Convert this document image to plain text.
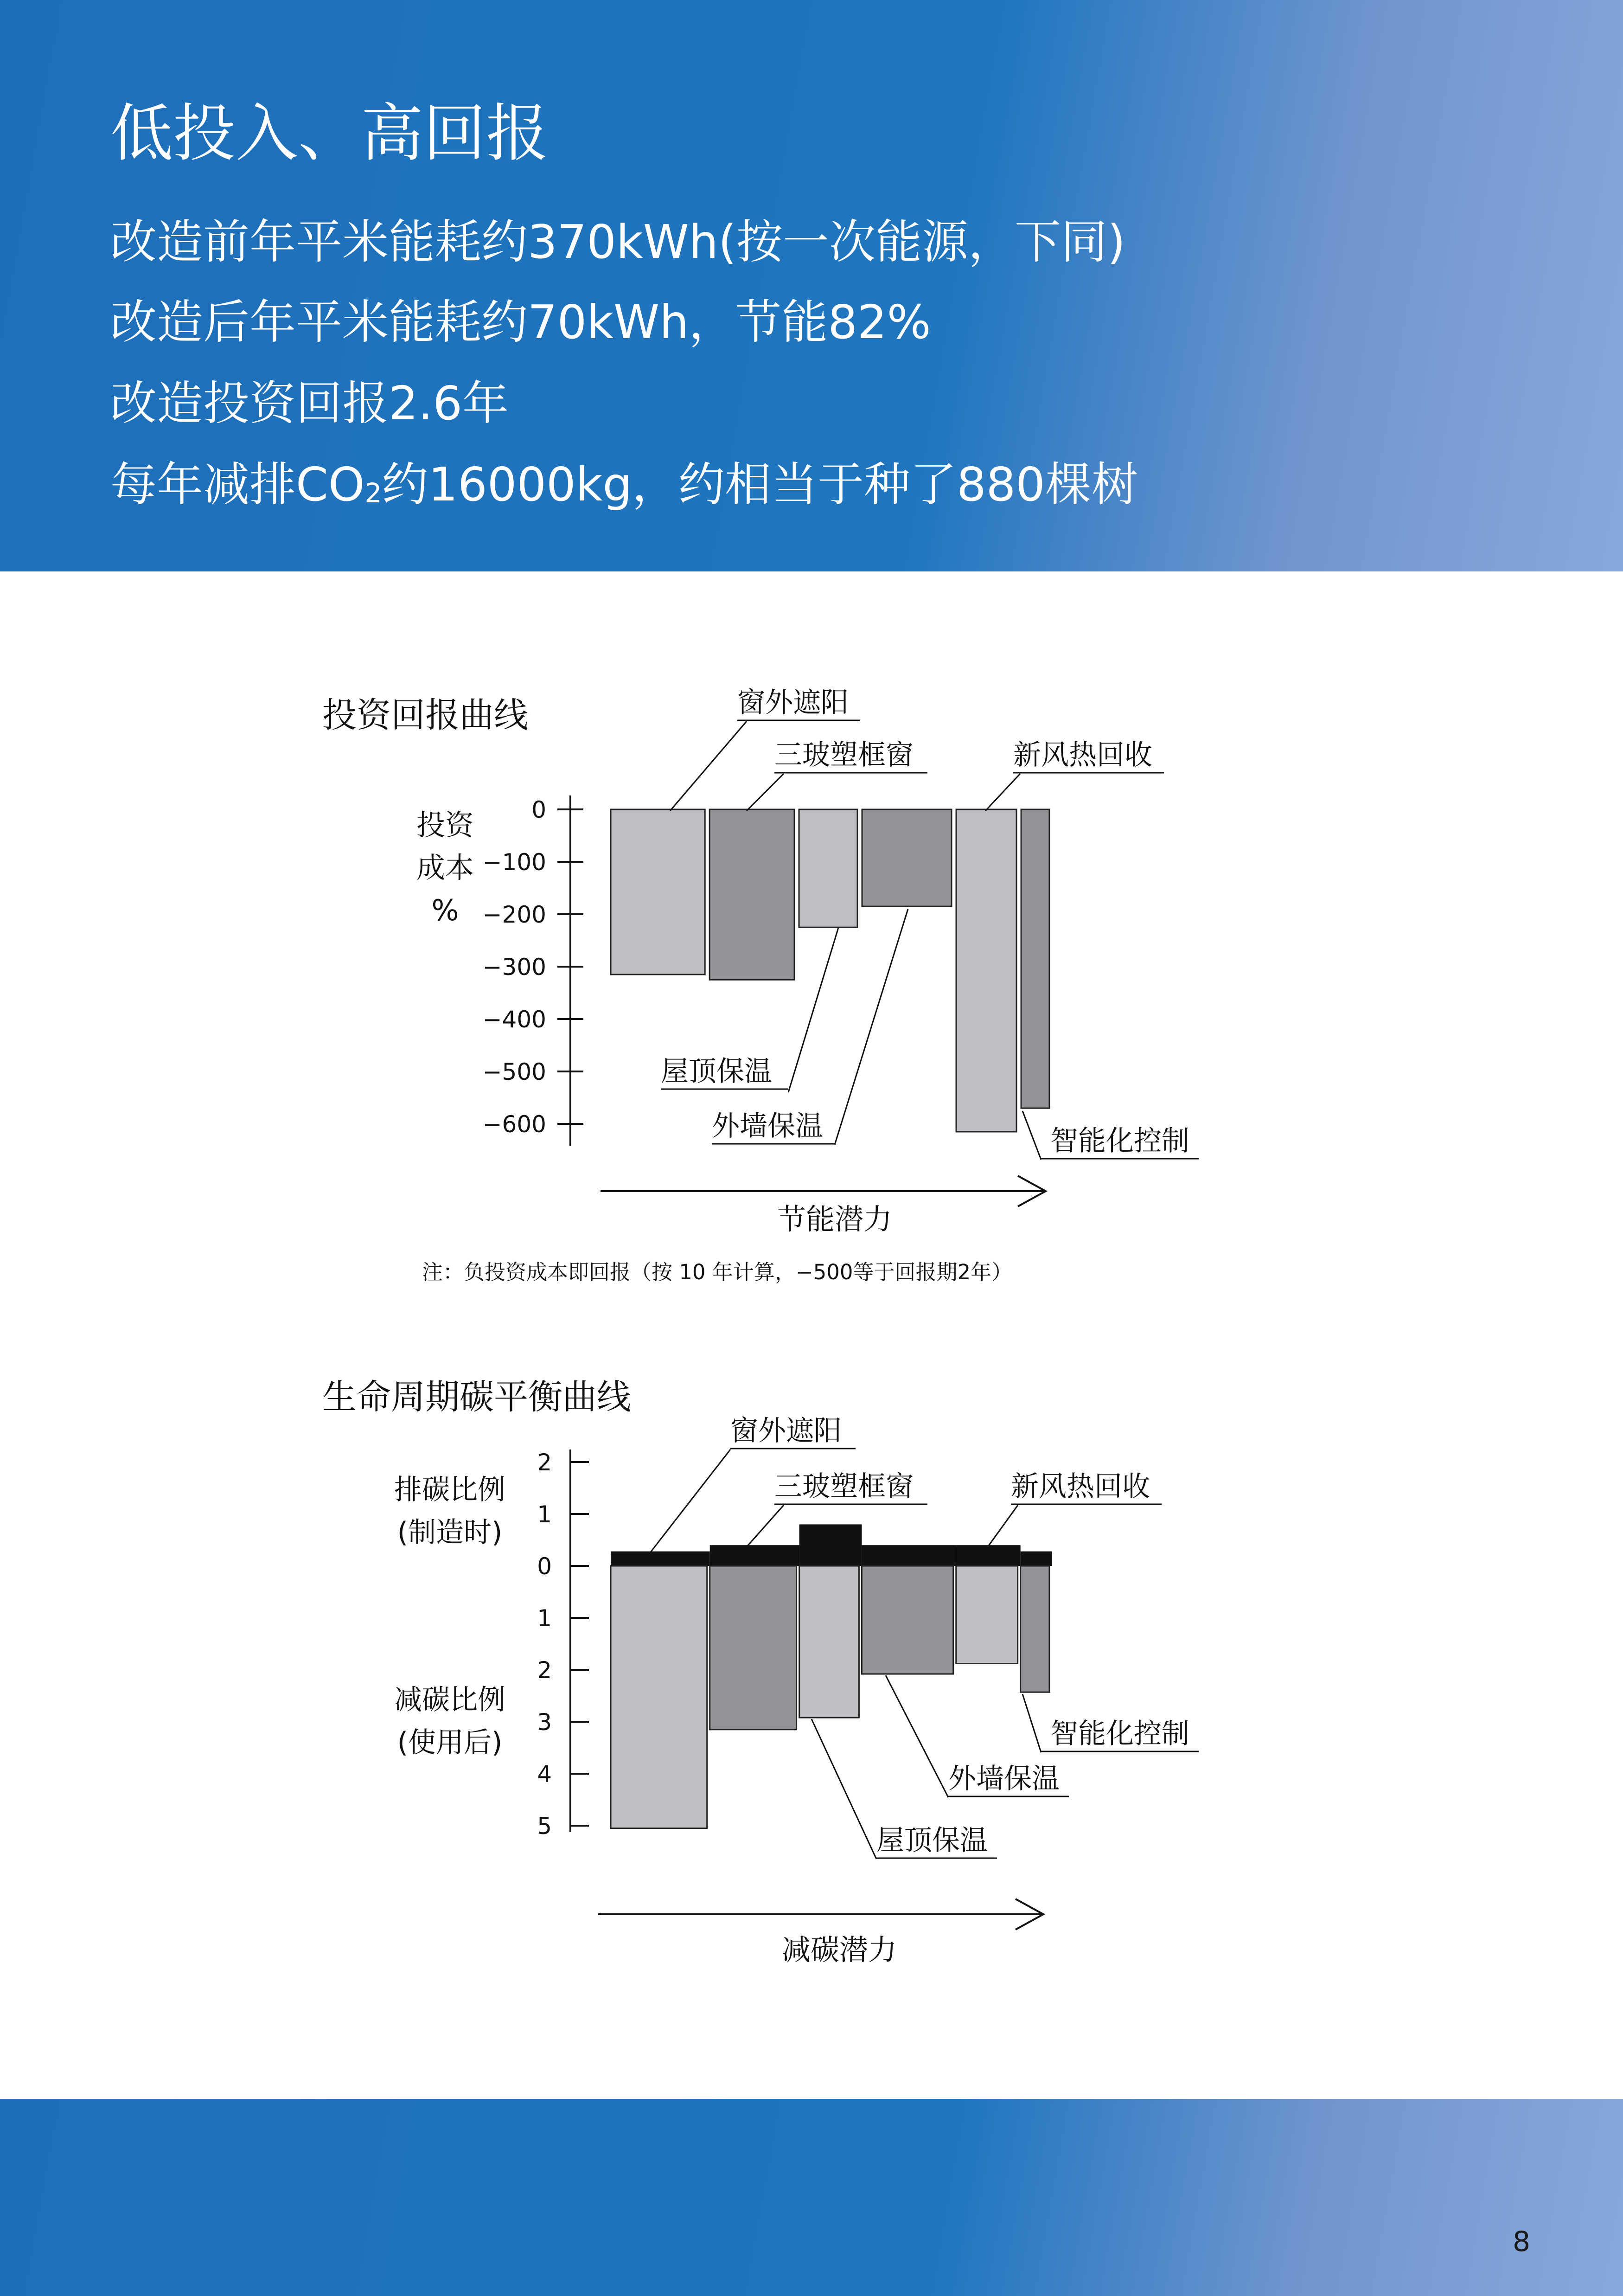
低投入、高回报
改造前年平米能耗约370kWh(按一次能源，下同)
改造后年平米能耗约70kWh，节能82%
改造投资回报2.6年
每年减排$CO_2$约16000kg，约相当于种了880棵树
投资回报曲线
生命周期碳平衡曲线
注：负投资成本即回报（按 10 年计算，−500等于回报期2年）
0
−100
−200
−300
−400
−500
−600
投资
成本
%
窗外遮阳
三玻塑框窗
屋顶保温
外墙保温
新风热回收
智能化控制
节能潜力
2
1
0
1
2
3
4
5
排碳比例
(制造时)
减碳比例
(使用后)
窗外遮阳
三玻塑框窗
屋顶保温
外墙保温
新风热回收
智能化控制
减碳潜力
8
